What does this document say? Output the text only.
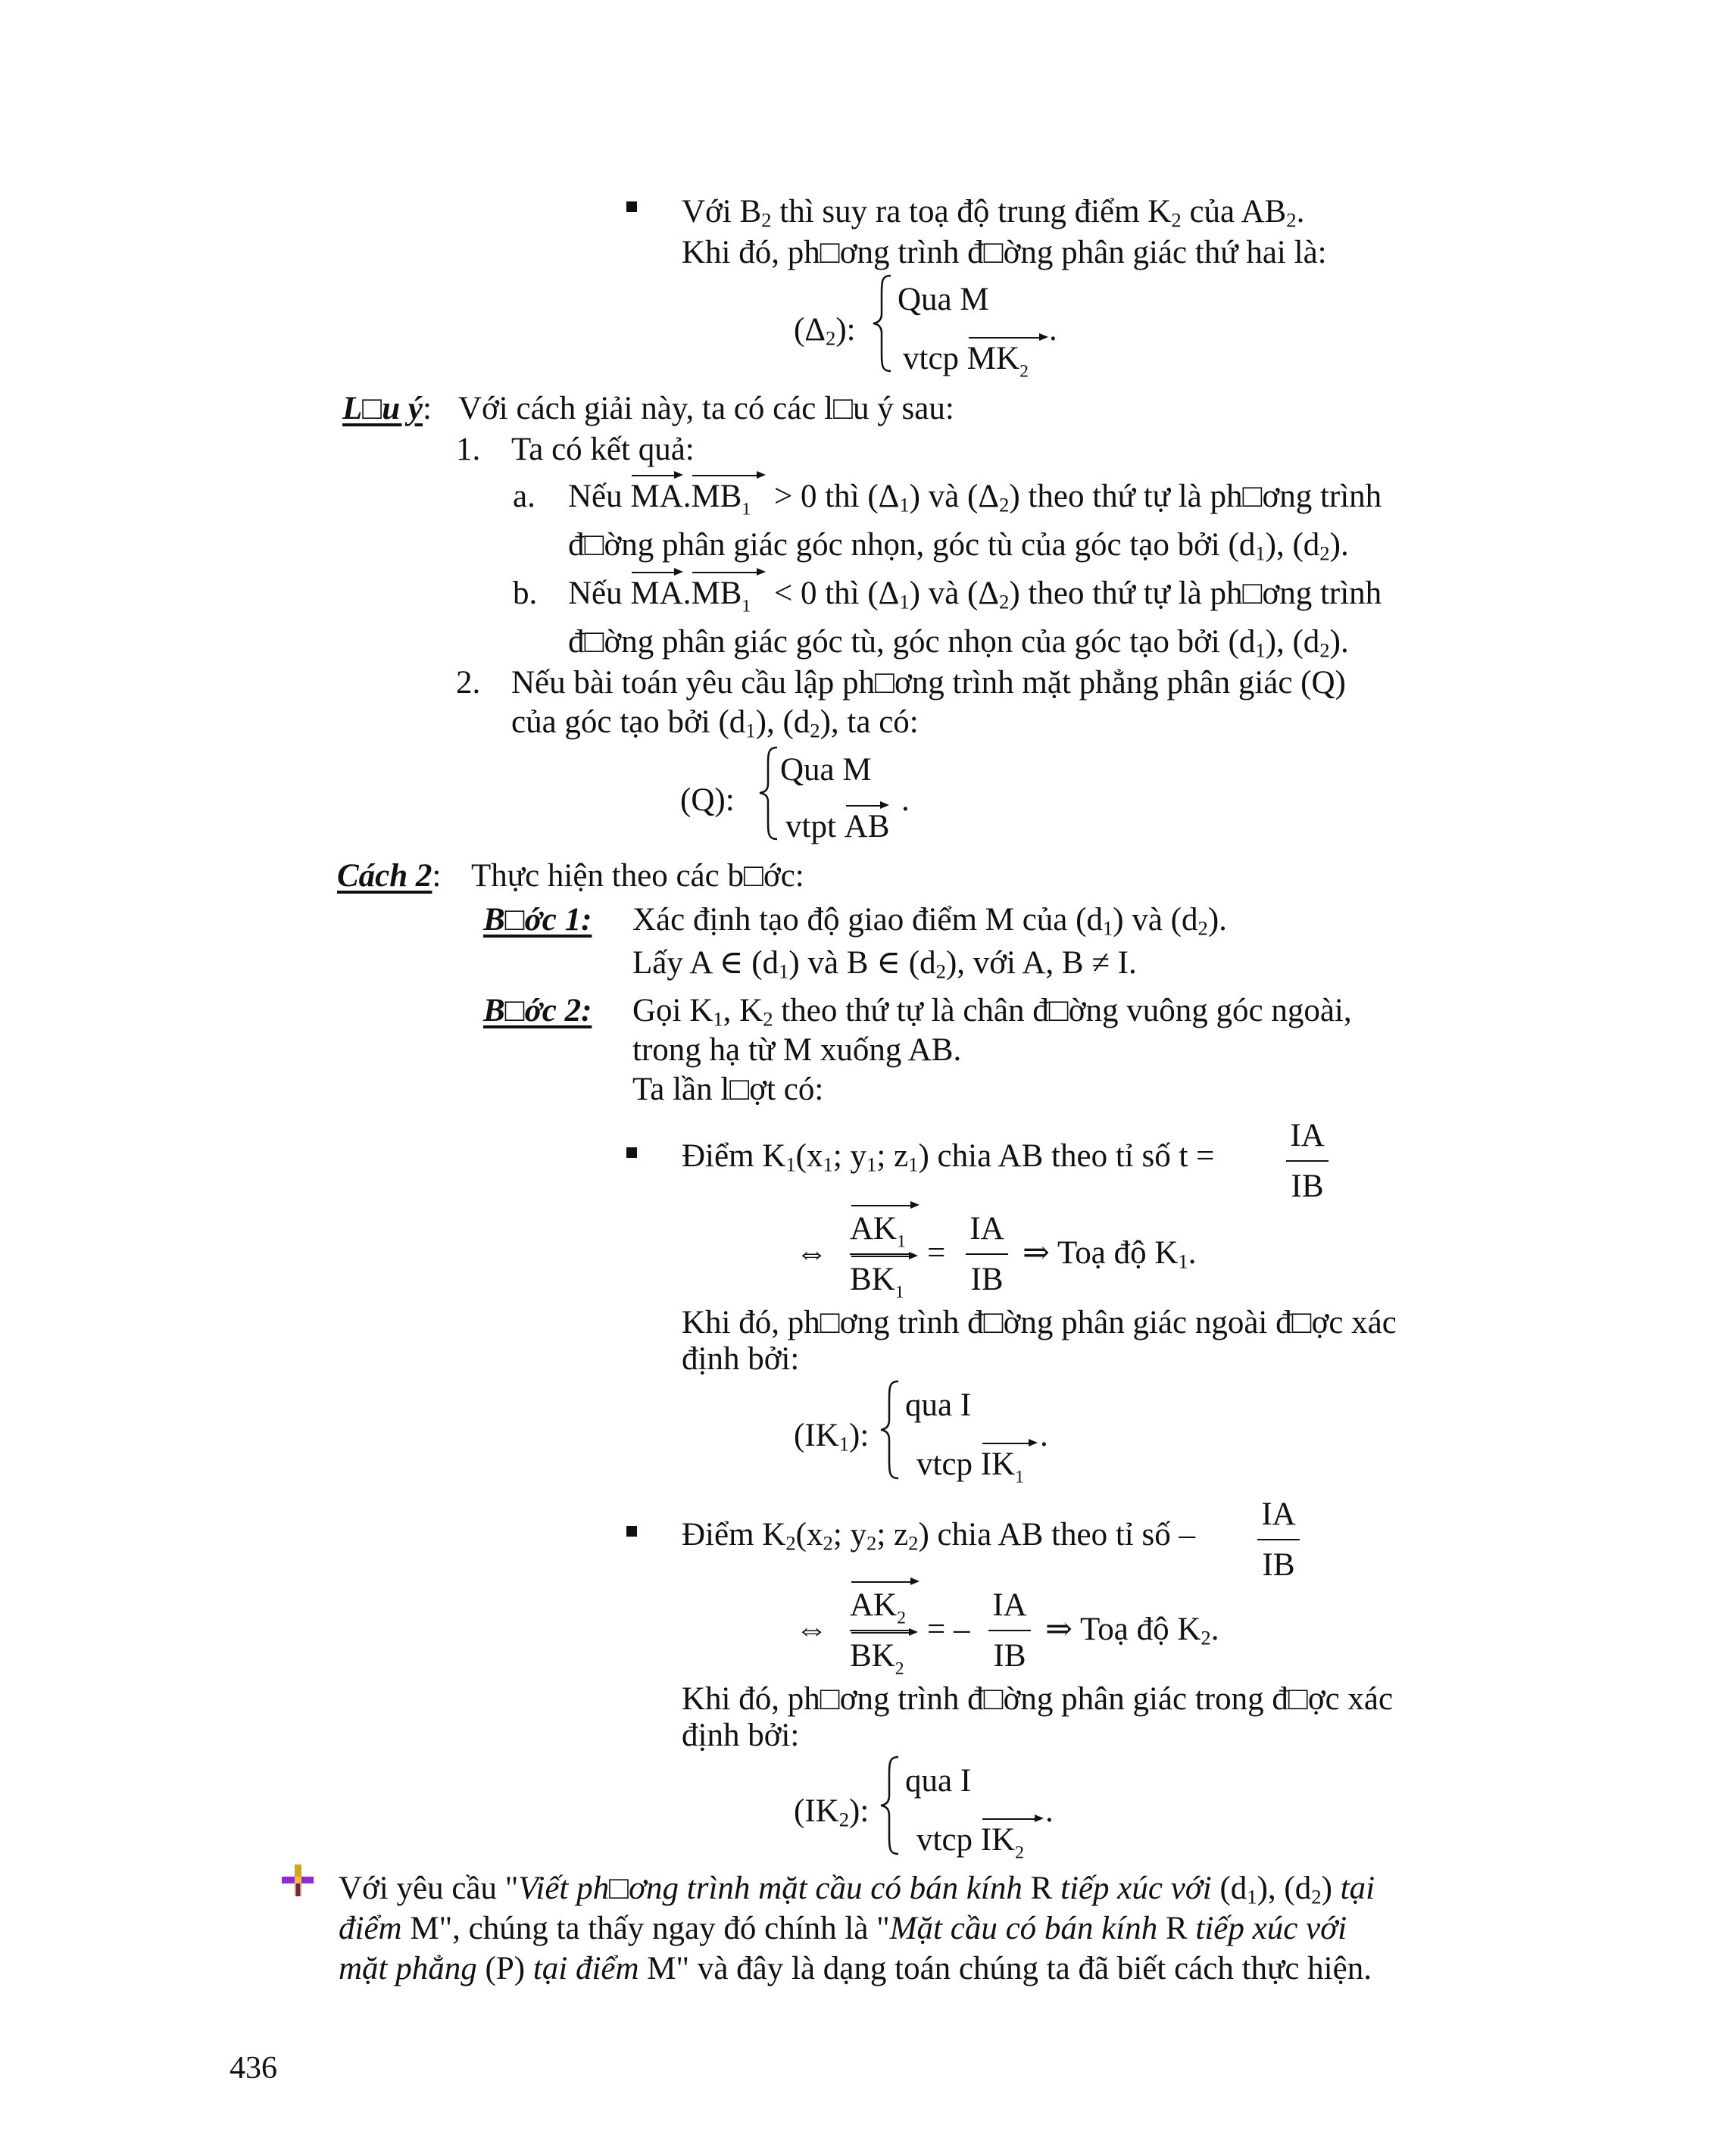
Với $B_2$ thì suy ra toạ độ trung điểm $K_2$ của $AB_2$.
Khi đó, ph□ơng trình đ□ờng phân giác thứ hai là:
$(\Delta_2)$:
Qua M
vtcp $MK_2$
.
L□u ý: Với cách giải này, ta có các l□u ý sau:
1. Ta có kết quả:
a. Nếu $MA.MB_1 > 0$ thì $(\Delta_1)$ và $(\Delta_2)$ theo thứ tự là ph□ơng trình
đ□ờng phân giác góc nhọn, góc tù của góc tạo bởi $(d_1)$, $(d_2)$.
b. Nếu $MA.MB_1 < 0$ thì $(\Delta_1)$ và $(\Delta_2)$ theo thứ tự là ph□ơng trình
đ□ờng phân giác góc tù, góc nhọn của góc tạo bởi $(d_1)$, $(d_2)$.
2. Nếu bài toán yêu cầu lập ph□ơng trình mặt phẳng phân giác (Q)
của góc tạo bởi $(d_1)$, $(d_2)$, ta có:
(Q):
Qua M
vtpt AB
.
Cách 2: Thực hiện theo các b□ớc:
B□ớc 1: Xác định tạo độ giao điểm M của $(d_1)$ và $(d_2)$.
Lấy A ∈ $(d_1)$ và B ∈ $(d_2)$, với A, B ≠ I.
B□ớc 2: Gọi $K_1$, $K_2$ theo thứ tự là chân đ□ờng vuông góc ngoài,
trong hạ từ M xuống AB.
Ta lần l□ợt có:
Điểm $K_1(x_1$; $y_1$; $z_1$) chia AB theo tỉ số t =
IA
IB
⇔
$AK_1$
$BK_1$
=
IA
IB
⇒ Toạ độ $K_1$.
Khi đó, ph□ơng trình đ□ờng phân giác ngoài đ□ợc xác
định bởi:
$(IK_1)$:
qua I
vtcp $IK_1$
.
Điểm $K_2(x_2$; $y_2$; $z_2$) chia AB theo tỉ số –
IA
IB
⇔
$AK_2$
$BK_2$
= –
IA
IB
⇒ Toạ độ $K_2$.
Khi đó, ph□ơng trình đ□ờng phân giác trong đ□ợc xác
định bởi:
$(IK_2)$:
qua I
vtcp $IK_2$
.
Với yêu cầu "Viết ph□ơng trình mặt cầu có bán kính R tiếp xúc với $(d_1)$, $(d_2)$ tại
điểm M", chúng ta thấy ngay đó chính là "Mặt cầu có bán kính R tiếp xúc với
mặt phẳng (P) tại điểm M" và đây là dạng toán chúng ta đã biết cách thực hiện.
436
